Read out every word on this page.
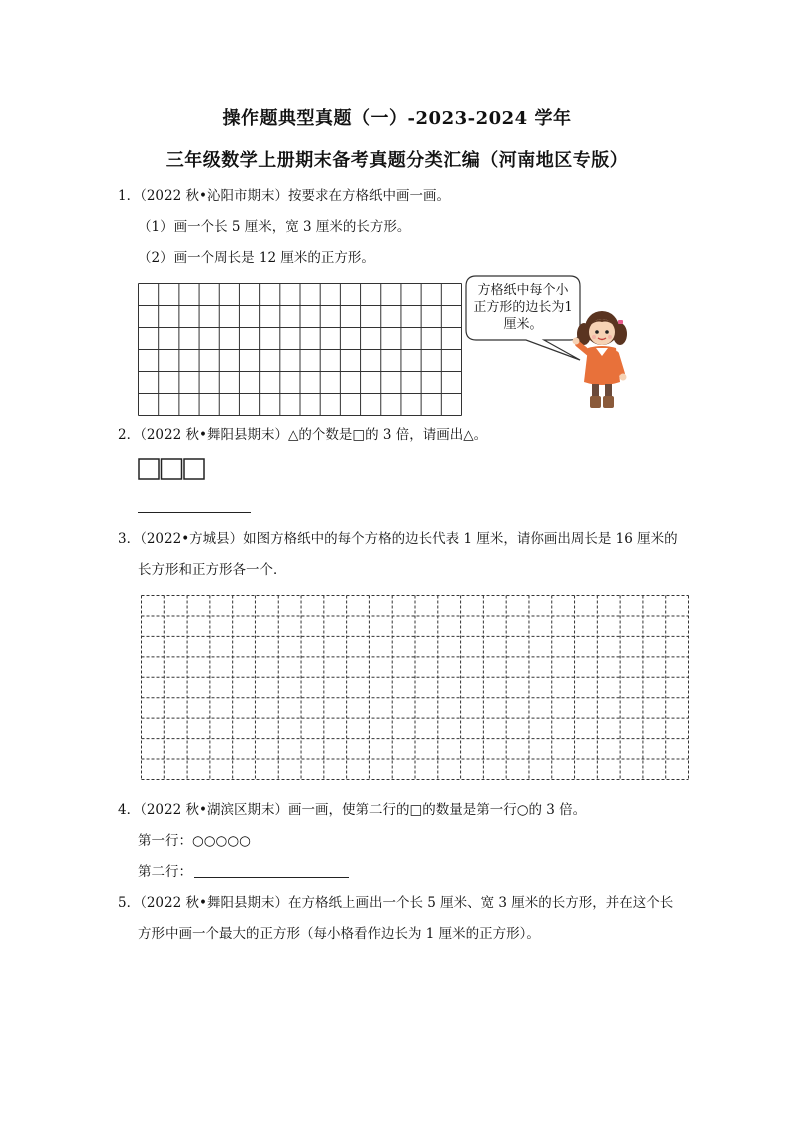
操作题典型真题（一）-2023-2024 学年
三年级数学上册期末备考真题分类汇编（河南地区专版）
1．（2022 秋•沁阳市期末）按要求在方格纸中画一画。
（1）画一个长 5 厘米，宽 3 厘米的长方形。
（2）画一个周长是 12 厘米的正方形。
方格纸中每个小正方形的边长为1厘米。
2．（2022 秋•舞阳县期末）△的个数是□的 3 倍，请画出△。
3．（2022•方城县）如图方格纸中的每个方格的边长代表 1 厘米，请你画出周长是 16 厘米的
长方形和正方形各一个．
4．（2022 秋•湖滨区期末）画一画，使第二行的□的数量是第一行○的 3 倍。
第一行：○○○○○
第二行：
5．（2022 秋•舞阳县期末）在方格纸上画出一个长 5 厘米、宽 3 厘米的长方形，并在这个长
方形中画一个最大的正方形（每小格看作边长为 1 厘米的正方形）。
